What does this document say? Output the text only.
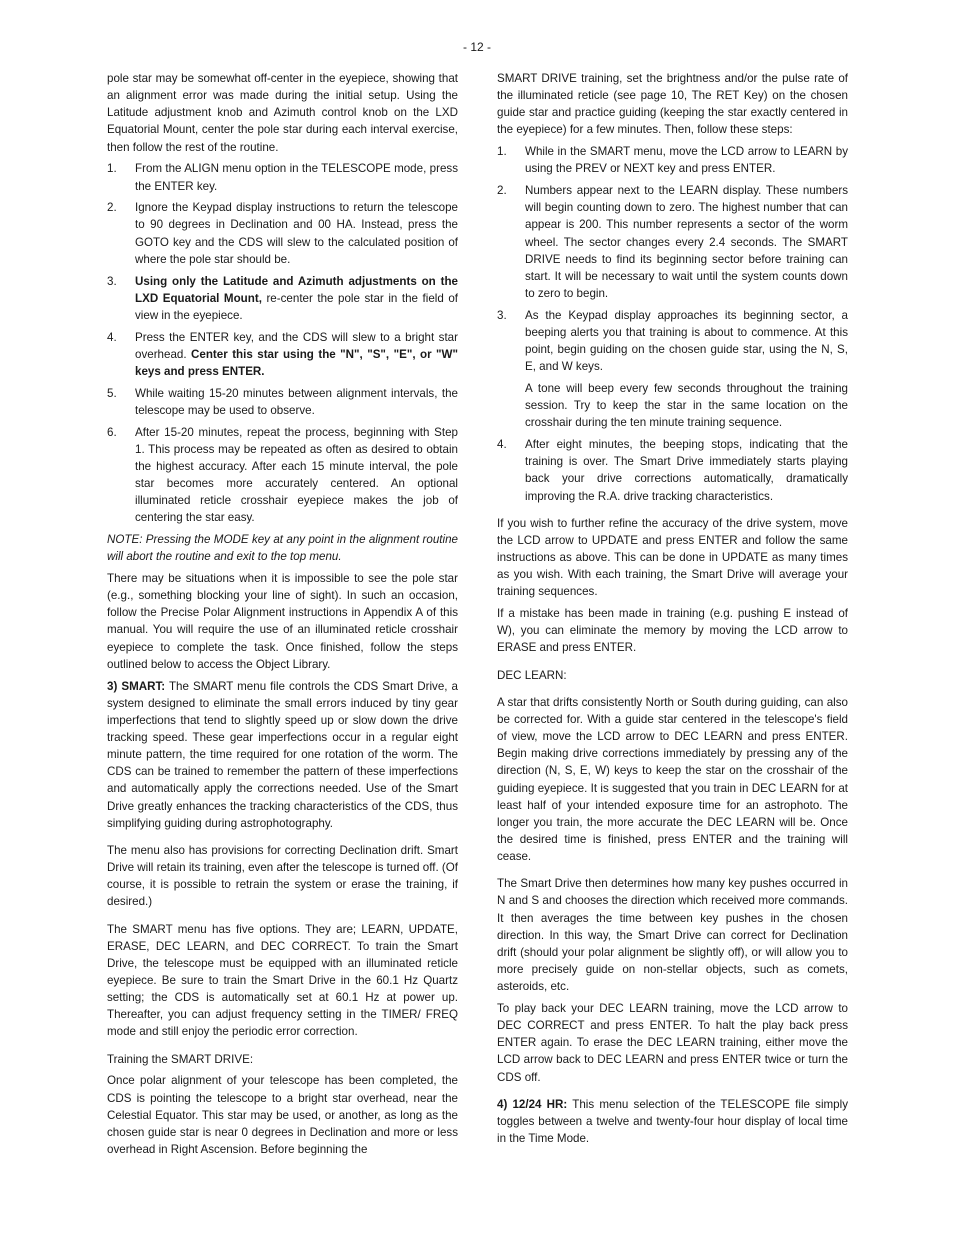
- 12 -

pole star may be somewhat off-center in the eyepiece, showing that an alignment error was made during the initial setup. Using the Latitude adjustment knob and Azimuth control knob on the LXD Equatorial Mount, center the pole star during each interval exercise, then follow the rest of the routine.

1.	From the ALIGN menu option in the TELESCOPE mode, press the ENTER key.
2.	Ignore the Keypad display instructions to return the telescope to 90 degrees in Declination and 00 HA. Instead, press the GOTO key and the CDS will slew to the calculated position of where the pole star should be.
3.	Using only the Latitude and Azimuth adjustments on the LXD Equatorial Mount, re-center the pole star in the field of view in the eyepiece.
4.	Press the ENTER key, and the CDS will slew to a bright star overhead. Center this star using the "N", "S", "E", or "W" keys and press ENTER.
5.	While waiting 15-20 minutes between alignment intervals, the telescope may be used to observe.
6.	After 15-20 minutes, repeat the process, beginning with Step 1. This process may be repeated as often as desired to obtain the highest accuracy. After each 15 minute interval, the pole star becomes more accurately centered. An optional illuminated reticle crosshair eyepiece makes the job of centering the star easy.

NOTE: Pressing the MODE key at any point in the alignment routine will abort the routine and exit to the top menu.

There may be situations when it is impossible to see the pole star (e.g., something blocking your line of sight). In such an occasion, follow the Precise Polar Alignment instructions in Appendix A of this manual. You will require the use of an illuminated reticle crosshair eyepiece to complete the task. Once finished, follow the steps outlined below to access the Object Library.

3) SMART: The SMART menu file controls the CDS Smart Drive, a system designed to eliminate the small errors induced by tiny gear imperfections that tend to slightly speed up or slow down the drive tracking speed. These gear imperfections occur in a regular eight minute pattern, the time required for one rotation of the worm. The CDS can be trained to remember the pattern of these imperfections and automatically apply the corrections needed. Use of the Smart Drive greatly enhances the tracking characteristics of the CDS, thus simplifying guiding during astrophotography.

The menu also has provisions for correcting Declination drift. Smart Drive will retain its training, even after the telescope is turned off. (Of course, it is possible to retrain the system or erase the training, if desired.)

The SMART menu has five options. They are; LEARN, UPDATE, ERASE, DEC LEARN, and DEC CORRECT. To train the Smart Drive, the telescope must be equipped with an illuminated reticle eyepiece. Be sure to train the Smart Drive in the 60.1 Hz Quartz setting; the CDS is automatically set at 60.1 Hz at power up. Thereafter, you can adjust frequency setting in the TIMER/ FREQ mode and still enjoy the periodic error correction.

Training the SMART DRIVE:

Once polar alignment of your telescope has been completed, the CDS is pointing the telescope to a bright star overhead, near the Celestial Equator. This star may be used, or another, as long as the chosen guide star is near 0 degrees in Declination and more or less overhead in Right Ascension. Before beginning the

SMART DRIVE training, set the brightness and/or the pulse rate of the illuminated reticle (see page 10, The RET Key) on the chosen guide star and practice guiding (keeping the star exactly centered in the eyepiece) for a few minutes. Then, follow these steps:

1.	While in the SMART menu, move the LCD arrow to LEARN by using the PREV or NEXT key and press ENTER.
2.	Numbers appear next to the LEARN display. These numbers will begin counting down to zero. The highest number that can appear is 200. This number represents a sector of the worm wheel. The sector changes every 2.4 seconds. The SMART DRIVE needs to find its beginning sector before training can start. It will be necessary to wait until the system counts down to zero to begin.
3.	As the Keypad display approaches its beginning sector, a beeping alerts you that training is about to commence. At this point, begin guiding on the chosen guide star, using the N, S, E, and W keys.

A tone will beep every few seconds throughout the training session. Try to keep the star in the same location on the crosshair during the ten minute training sequence.

4.	After eight minutes, the beeping stops, indicating that the training is over. The Smart Drive immediately starts playing back your drive corrections automatically, dramatically improving the R.A. drive tracking characteristics.

If you wish to further refine the accuracy of the drive system, move the LCD arrow to UPDATE and press ENTER and follow the same instructions as above. This can be done in UPDATE as many times as you wish. With each training, the Smart Drive will average your training sequences.

If a mistake has been made in training (e.g. pushing E instead of W), you can eliminate the memory by moving the LCD arrow to ERASE and press ENTER.

DEC LEARN:

A star that drifts consistently North or South during guiding, can also be corrected for. With a guide star centered in the telescope's field of view, move the LCD arrow to DEC LEARN and press ENTER. Begin making drive corrections immediately by pressing any of the direction (N, S, E, W) keys to keep the star on the crosshair of the guiding eyepiece. It is suggested that you train in DEC LEARN for at least half of your intended exposure time for an astrophoto. The longer you train, the more accurate the DEC LEARN will be. Once the desired time is finished, press ENTER and the training will cease.

The Smart Drive then determines how many key pushes occurred in N and S and chooses the direction which received more commands. It then averages the time between key pushes in the chosen direction. In this way, the Smart Drive can correct for Declination drift (should your polar alignment be slightly off), or will allow you to more precisely guide on non-stellar objects, such as comets, asteroids, etc.

To play back your DEC LEARN training, move the LCD arrow to DEC CORRECT and press ENTER. To halt the play back press ENTER again. To erase the DEC LEARN training, either move the LCD arrow back to DEC LEARN and press ENTER twice or turn the CDS off.

4) 12/24 HR: This menu selection of the TELESCOPE file simply toggles between a twelve and twenty-four hour display of local time in the Time Mode.
